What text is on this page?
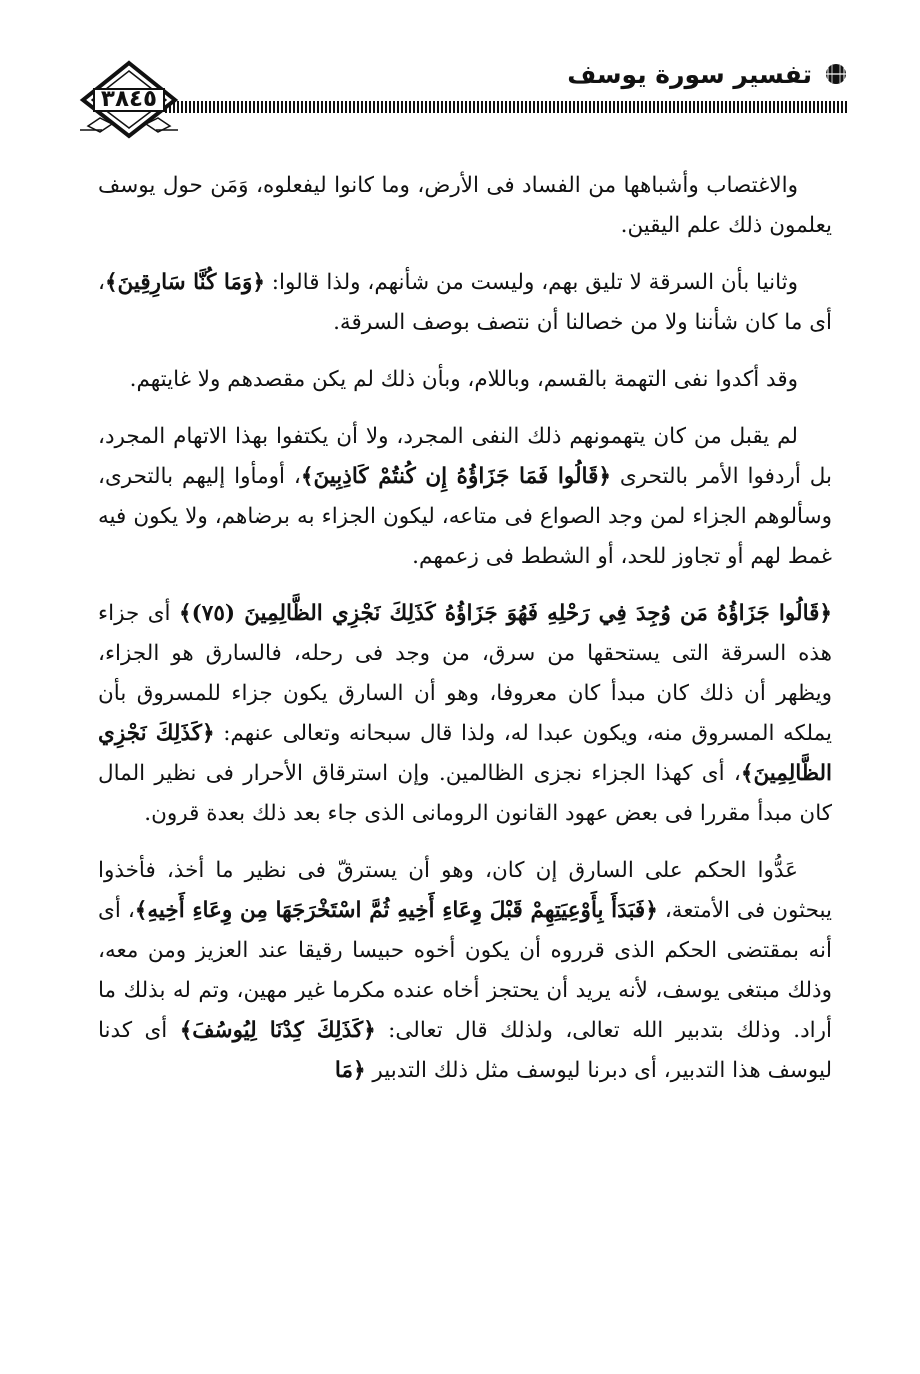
تفسير سورة يوسف
٣٨٤٥

والاغتصاب وأشباهها من الفساد فى الأرض، وما كانوا ليفعلوه، وَمَن حول يوسف يعلمون ذلك علم اليقين.

وثانيا بأن السرقة لا تليق بهم، وليست من شأنهم، ولذا قالوا: ﴿وَمَا كُنَّا سَارِقِينَ﴾، أى ما كان شأننا ولا من خصالنا أن نتصف بوصف السرقة.

وقد أكدوا نفى التهمة بالقسم، وباللام، وبأن ذلك لم يكن مقصدهم ولا غايتهم.

لم يقبل من كان يتهمونهم ذلك النفى المجرد، ولا أن يكتفوا بهذا الاتهام المجرد، بل أردفوا الأمر بالتحرى ﴿قَالُوا فَمَا جَزَاؤُهُ إِن كُنتُمْ كَاذِبِينَ﴾، أومأوا إليهم بالتحرى، وسألوهم الجزاء لمن وجد الصواع فى متاعه، ليكون الجزاء به برضاهم، ولا يكون فيه غمط لهم أو تجاوز للحد، أو الشطط فى زعمهم.

﴿قَالُوا جَزَاؤُهُ مَن وُجِدَ فِي رَحْلِهِ فَهُوَ جَزَاؤُهُ كَذَلِكَ نَجْزِي الظَّالِمِينَ (٧٥)﴾ أى جزاء هذه السرقة التى يستحقها من سرق، من وجد فى رحله، فالسارق هو الجزاء، ويظهر أن ذلك كان مبدأ كان معروفا، وهو أن السارق يكون جزاء للمسروق بأن يملكه المسروق منه، ويكون عبدا له، ولذا قال سبحانه وتعالى عنهم: ﴿كَذَلِكَ نَجْزِي الظَّالِمِينَ﴾، أى كهذا الجزاء نجزى الظالمين. وإن استرقاق الأحرار فى نظير المال كان مبدأ مقررا فى بعض عهود القانون الرومانى الذى جاء بعد ذلك بعدة قرون.

عَدُّوا الحكم على السارق إن كان، وهو أن يسترقّ فى نظير ما أخذ، فأخذوا يبحثون فى الأمتعة، ﴿فَبَدَأَ بِأَوْعِيَتِهِمْ قَبْلَ وِعَاءِ أَخِيهِ ثُمَّ اسْتَخْرَجَهَا مِن وِعَاءِ أَخِيهِ﴾، أى أنه بمقتضى الحكم الذى قرروه أن يكون أخوه حبيسا رقيقا عند العزيز ومن معه، وذلك مبتغى يوسف، لأنه يريد أن يحتجز أخاه عنده مكرما غير مهين، وتم له بذلك ما أراد. وذلك بتدبير الله تعالى، ولذلك قال تعالى: ﴿كَذَلِكَ كِدْنَا لِيُوسُفَ﴾ أى كدنا ليوسف هذا التدبير، أى دبرنا ليوسف مثل ذلك التدبير ﴿مَا
